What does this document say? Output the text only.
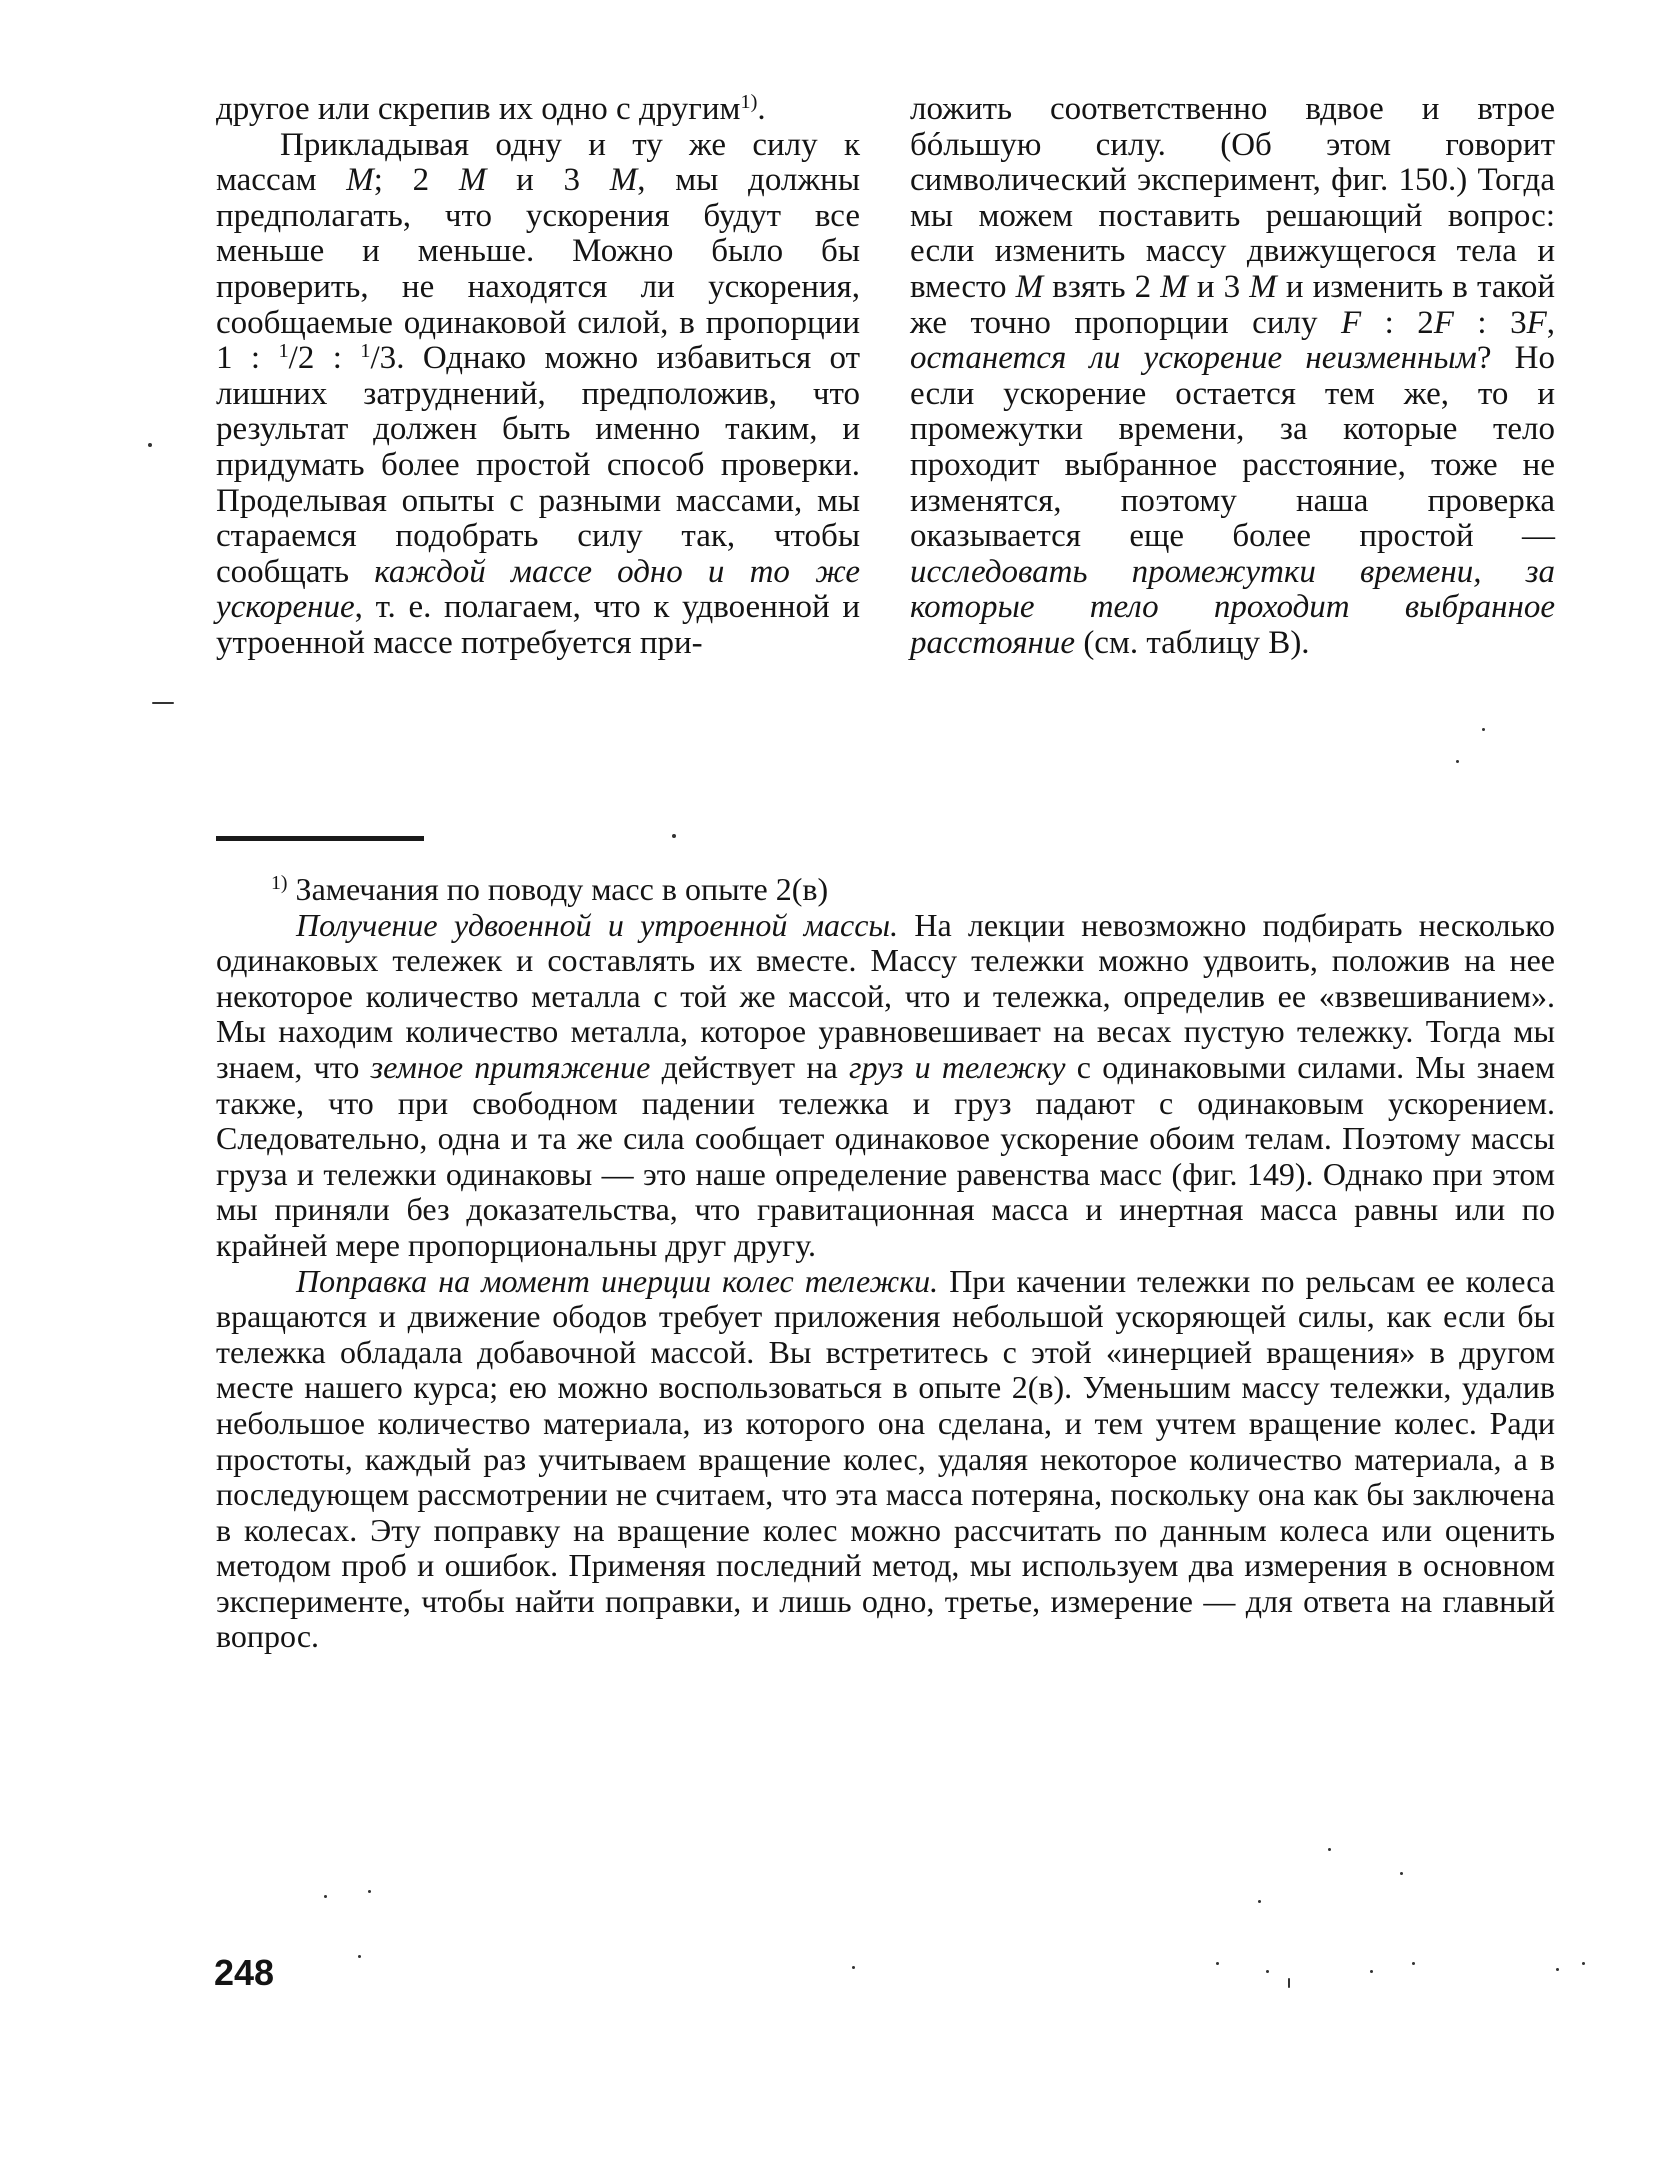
другое или скрепив их одно с другим$^{1)}$.

Прикладывая одну и ту же силу к массам M; 2 M и 3 M, мы должны предполагать, что ускорения будут все меньше и меньше. Можно было бы проверить, не находятся ли ускорения, сообщаемые одинаковой силой, в пропорции 1 : $^1$/2 : $^1$/3. Однако можно избавиться от лишних затруднений, предположив, что результат должен быть именно таким, и придумать более простой способ проверки. Проделывая опыты с разными массами, мы стараемся подобрать силу так, чтобы сообщать каждой массе одно и то же ускорение, т. е. полагаем, что к удвоенной и утроенной массе потребуется при-

ложить соответственно вдвое и втрое бóльшую силу. (Об этом говорит символический эксперимент, фиг. 150.) Тогда мы можем поставить решающий вопрос: если изменить массу движущегося тела и вместо M взять 2 M и 3 M и изменить в такой же точно пропорции силу F : 2F : 3F, останется ли ускорение неизменным? Но если ускорение остается тем же, то и промежутки времени, за которые тело проходит выбранное расстояние, тоже не изменятся, поэтому наша проверка оказывается еще более простой — исследовать промежутки времени, за которые тело проходит выбранное расстояние (см. таблицу В).

$^{1)}$ Замечания по поводу масс в опыте 2(в)

Получение удвоенной и утроенной массы. На лекции невозможно подбирать несколько одинаковых тележек и составлять их вместе. Массу тележки можно удвоить, положив на нее некоторое количество металла с той же массой, что и тележка, определив ее «взвешиванием». Мы находим количество металла, которое уравновешивает на весах пустую тележку. Тогда мы знаем, что земное притяжение действует на груз и тележку с одинаковыми силами. Мы знаем также, что при свободном падении тележка и груз падают с одинаковым ускорением. Следовательно, одна и та же сила сообщает одинаковое ускорение обоим телам. Поэтому массы груза и тележки одинаковы — это наше определение равенства масс (фиг. 149). Однако при этом мы приняли без доказательства, что гравитационная масса и инертная масса равны или по крайней мере пропорциональны друг другу.

Поправка на момент инерции колес тележки. При качении тележки по рельсам ее колеса вращаются и движение ободов требует приложения небольшой ускоряющей силы, как если бы тележка обладала добавочной массой. Вы встретитесь с этой «инерцией вращения» в другом месте нашего курса; ею можно воспользоваться в опыте 2(в). Уменьшим массу тележки, удалив небольшое количество материала, из которого она сделана, и тем учтем вращение колес. Ради простоты, каждый раз учитываем вращение колес, удаляя некоторое количество материала, а в последующем рассмотрении не считаем, что эта масса потеряна, поскольку она как бы заключена в колесах. Эту поправку на вращение колес можно рассчитать по данным колеса или оценить методом проб и ошибок. Применяя последний метод, мы используем два измерения в основном эксперименте, чтобы найти поправки, и лишь одно, третье, измерение — для ответа на главный вопрос.

248
